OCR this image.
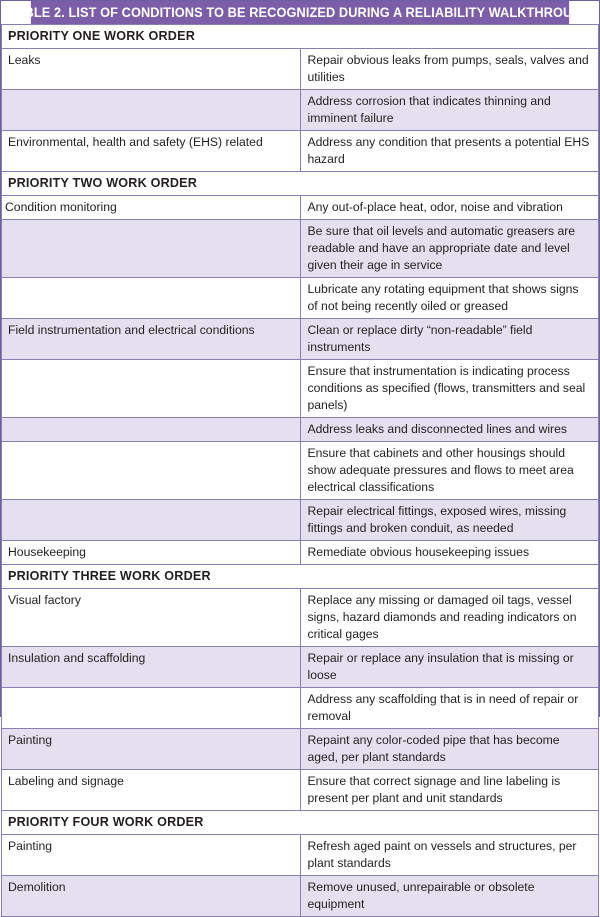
TABLE 2. LIST OF CONDITIONS TO BE RECOGNIZED DURING A RELIABILITY WALKTHROUGH
PRIORITY ONE WORK ORDER	
Leaks	Repair obvious leaks from pumps, seals, valves and utilities
	Address corrosion that indicates thinning and imminent failure
Environmental, health and safety (EHS) related	Address any condition that presents a potential EHS hazard
PRIORITY TWO WORK ORDER	
Condition monitoring	Any out-of-place heat, odor, noise and vibration
	Be sure that oil levels and automatic greasers are readable and have an appropriate date and level given their age in service
	Lubricate any rotating equipment that shows signs of not being recently oiled or greased
Field instrumentation and electrical conditions	Clean or replace dirty “non-readable” field instruments
	Ensure that instrumentation is indicating process conditions as specified (flows, transmitters and seal panels)
	Address leaks and disconnected lines and wires
	Ensure that cabinets and other housings should show adequate pressures and flows to meet area electrical classifications
	Repair electrical fittings, exposed wires, missing fittings and broken conduit, as needed
Housekeeping	Remediate obvious housekeeping issues
PRIORITY THREE WORK ORDER	
Visual factory	Replace any missing or damaged oil tags, vessel signs, hazard diamonds and reading indicators on critical gages
Insulation and scaffolding	Repair or replace any insulation that is missing or loose
	Address any scaffolding that is in need of repair or removal
Painting	Repaint any color-coded pipe that has become aged, per plant standards
Labeling and signage	Ensure that correct signage and line labeling is present per plant and unit standards
PRIORITY FOUR WORK ORDER	
Painting	Refresh aged paint on vessels and structures, per plant standards
Demolition	Remove unused, unrepairable or obsolete equipment
